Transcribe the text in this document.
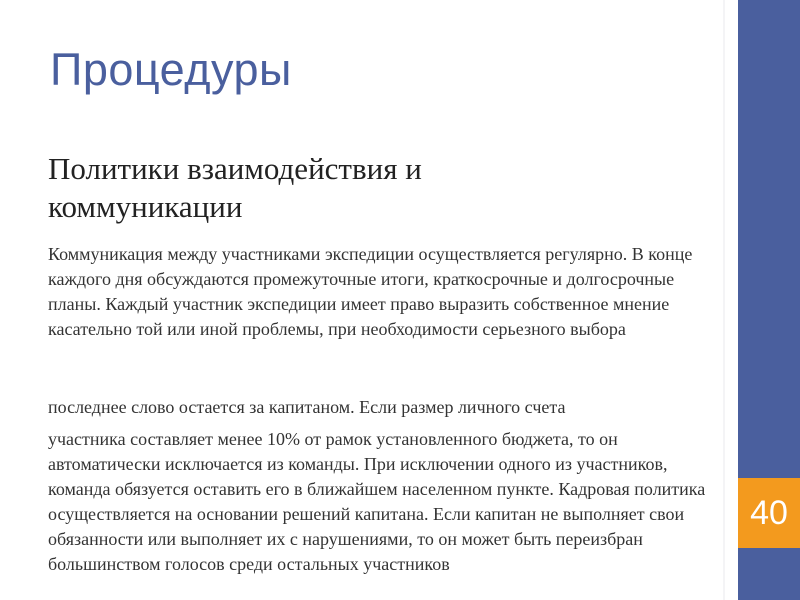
40
Процедуры
Политики взаимодействия и коммуникации

Коммуникация между участниками экспедиции осуществляется регулярно. В конце каждого дня обсуждаются промежуточные итоги, краткосрочные и долгосрочные планы. Каждый участник экспедиции имеет право выразить собственное мнение касательно той или иной проблемы, при необходимости серьезного выбора

последнее слово остается за капитаном. Если размер личного счета

участника составляет менее 10% от рамок установленного бюджета, то он автоматически исключается из команды. При исключении одного из участников, команда обязуется оставить его в ближайшем населенном пункте. Кадровая политика осуществляется на основании решений капитана. Если капитан не выполняет свои обязанности или выполняет их с нарушениями, то он может быть переизбран большинством голосов среди остальных участников
